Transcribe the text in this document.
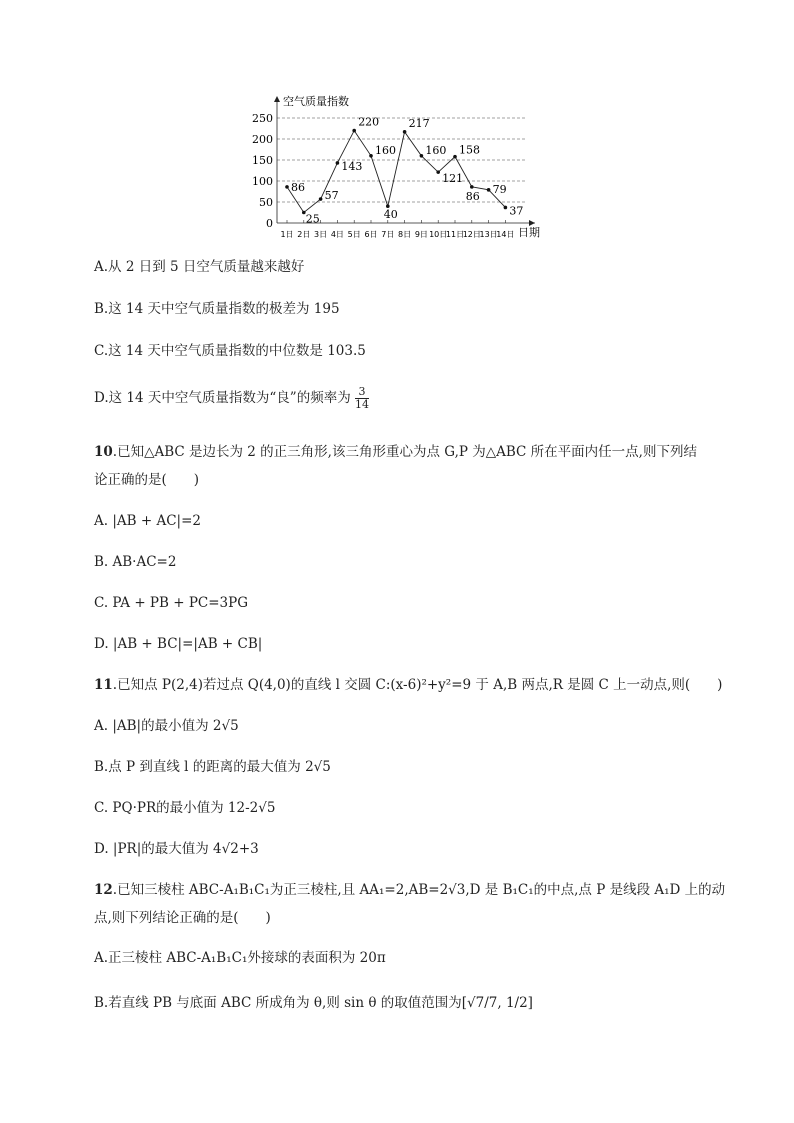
0
50
100
150
200
250
1日 2日 3日 4日 5日 6日 7日 8日 9日 10日
11日
12日
13日
14日
86
25
57
143
220
160
40
217
160
121
158
86
79
37
空气质量指数
日期
A.从 2 日到 5 日空气质量越来越好
B.这 14 天中空气质量指数的极差为 195
C.这 14 天中空气质量指数的中位数是 103.5
D.这 14 天中空气质量指数为“良”的频率为 $\frac{3}{14}$
10.已知△ABC 是边长为 2 的正三角形,该三角形重心为点 G,P 为△ABC 所在平面内任一点,则下列结
论正确的是(　　)
A. |AB + AC|=2
B. AB·AC=2
C. PA + PB + PC=3PG
D. |AB + BC|=|AB + CB|
11.已知点 P(2,4)若过点 Q(4,0)的直线 l 交圆 C:(x-6)²+y²=9 于 A,B 两点,R 是圆 C 上一动点,则(　　)
A. |AB|的最小值为 2√5
B.点 P 到直线 l 的距离的最大值为 2√5
C. PQ·PR的最小值为 12-2√5
D. |PR|的最大值为 4√2+3
12.已知三棱柱 ABC-A₁B₁C₁为正三棱柱,且 AA₁=2,AB=2√3,D 是 B₁C₁的中点,点 P 是线段 A₁D 上的动
点,则下列结论正确的是(　　)
A.正三棱柱 ABC-A₁B₁C₁外接球的表面积为 20π
B.若直线 PB 与底面 ABC 所成角为 θ,则 sin θ 的取值范围为[√7/7, 1/2]
